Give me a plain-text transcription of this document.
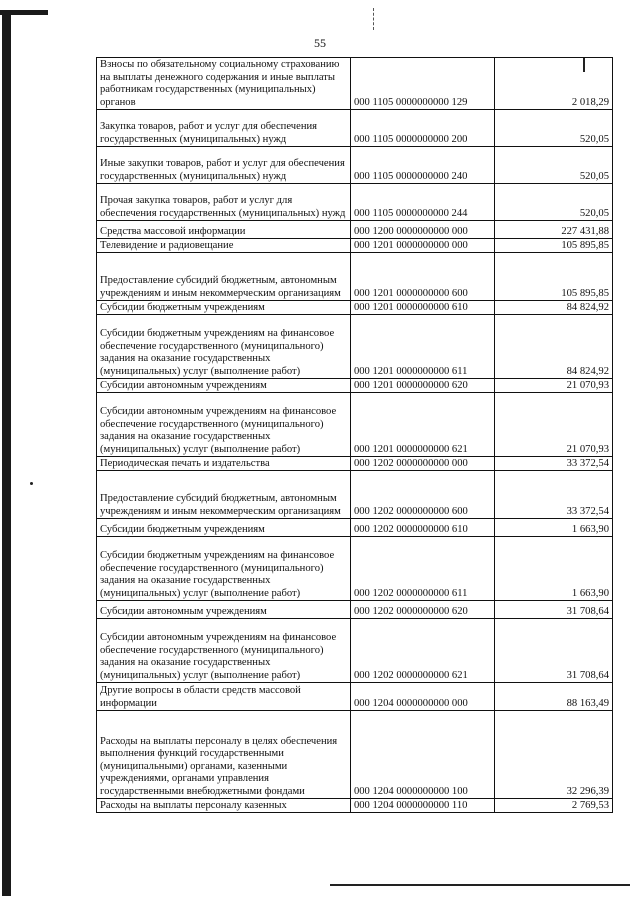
55
Взносы по обязательному социальному страхованию на выплаты денежного содержания и иные выплаты работникам государственных (муниципальных) органов	000 1105 0000000000 129	2 018,29
Закупка товаров, работ и услуг для обеспечения государственных (муниципальных) нужд	000 1105 0000000000 200	520,05
Иные закупки товаров, работ и услуг для обеспечения государственных (муниципальных) нужд	000 1105 0000000000 240	520,05
Прочая закупка товаров, работ и услуг для обеспечения государственных (муниципальных) нужд	000 1105 0000000000 244	520,05
Средства массовой информации	000 1200 0000000000 000	227 431,88
Телевидение и радиовещание	000 1201 0000000000 000	105 895,85
Предоставление субсидий бюджетным, автономным учреждениям и иным некоммерческим организациям	000 1201 0000000000 600	105 895,85
Субсидии бюджетным учреждениям	000 1201 0000000000 610	84 824,92
Субсидии бюджетным учреждениям на финансовое обеспечение государственного (муниципального) задания на оказание государственных (муниципальных) услуг (выполнение работ)	000 1201 0000000000 611	84 824,92
Субсидии автономным учреждениям	000 1201 0000000000 620	21 070,93
Субсидии автономным учреждениям на финансовое обеспечение государственного (муниципального) задания на оказание государственных (муниципальных) услуг (выполнение работ)	000 1201 0000000000 621	21 070,93
Периодическая печать и издательства	000 1202 0000000000 000	33 372,54
Предоставление субсидий бюджетным, автономным учреждениям и иным некоммерческим организациям	000 1202 0000000000 600	33 372,54
Субсидии бюджетным учреждениям	000 1202 0000000000 610	1 663,90
Субсидии бюджетным учреждениям на финансовое обеспечение государственного (муниципального) задания на оказание государственных (муниципальных) услуг (выполнение работ)	000 1202 0000000000 611	1 663,90
Субсидии автономным учреждениям	000 1202 0000000000 620	31 708,64
Субсидии автономным учреждениям на финансовое обеспечение государственного (муниципального) задания на оказание государственных (муниципальных) услуг (выполнение работ)	000 1202 0000000000 621	31 708,64
Другие вопросы в области средств массовой информации	000 1204 0000000000 000	88 163,49
Расходы на выплаты персоналу в целях обеспечения выполнения функций государственными (муниципальными) органами, казенными учреждениями, органами управления государственными внебюджетными фондами	000 1204 0000000000 100	32 296,39
Расходы на выплаты персоналу казенных	000 1204 0000000000 110	2 769,53
